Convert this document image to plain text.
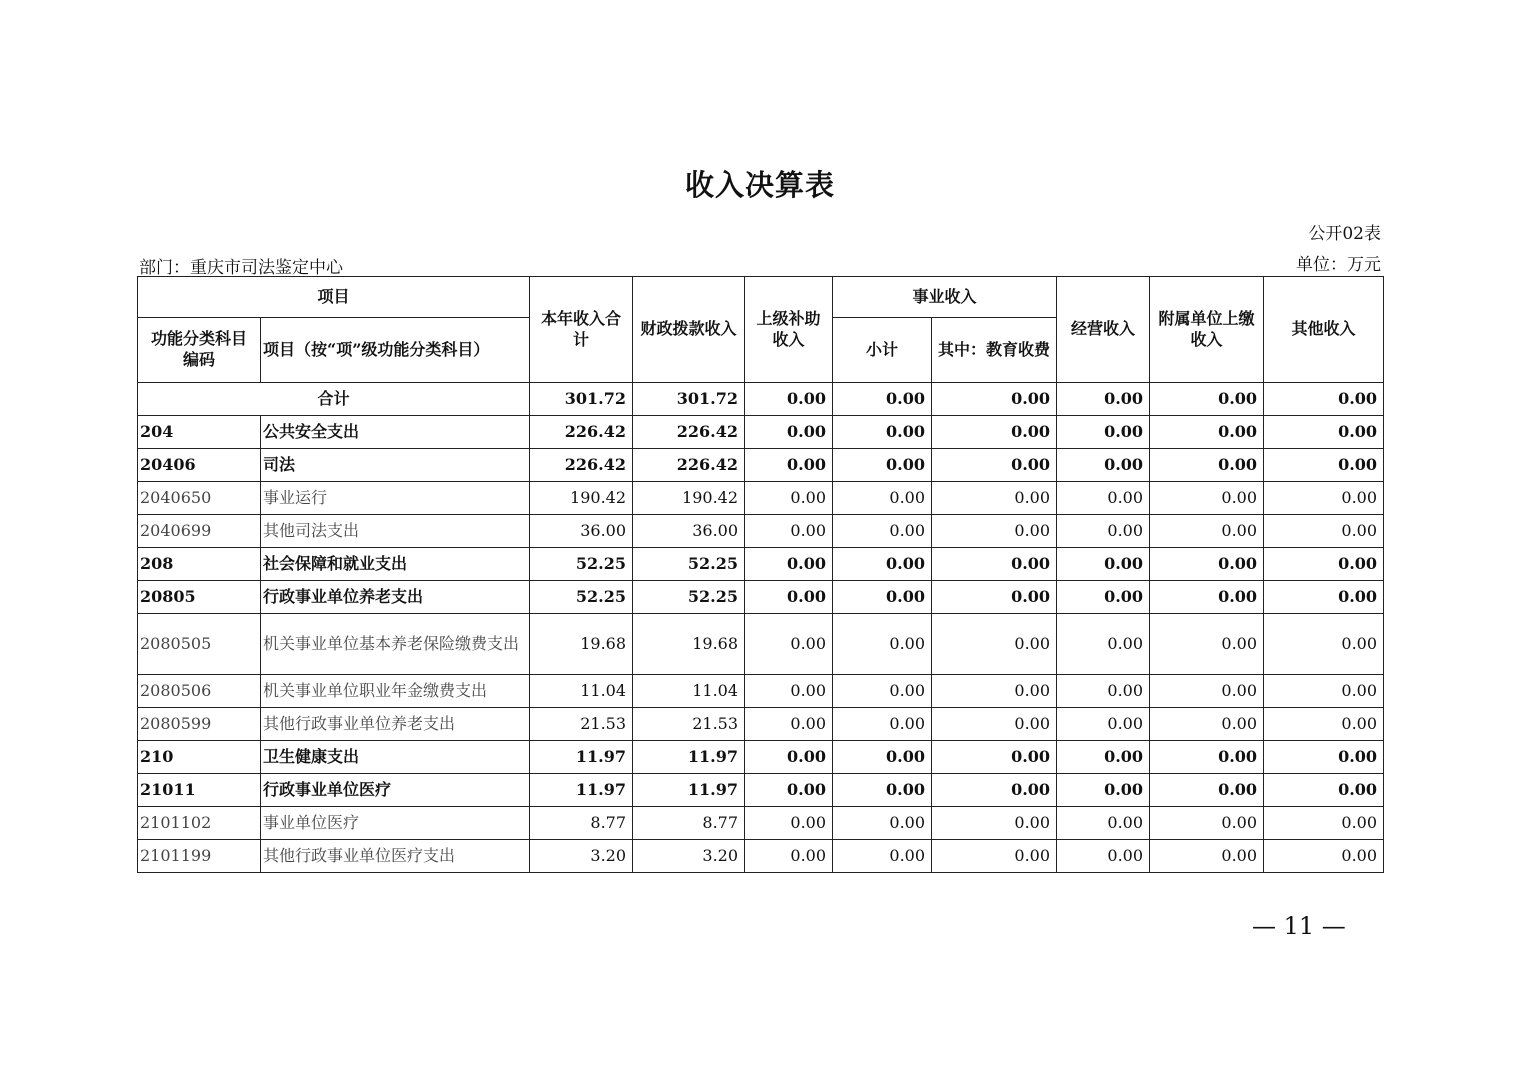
收入决算表
公开02表
部门：重庆市司法鉴定中心	单位：万元
项目		本年收入合计	财政拨款收入	上级补助收入	事业收入		经营收入	附属单位上缴收入	其他收入
功能分类科目编码	项目（按“项”级功能分类科目）				小计	其中：教育收费			
合计		301.72	301.72	0.00	0.00	0.00	0.00	0.00	0.00
204	公共安全支出	226.42	226.42	0.00	0.00	0.00	0.00	0.00	0.00
20406	司法	226.42	226.42	0.00	0.00	0.00	0.00	0.00	0.00
2040650	事业运行	190.42	190.42	0.00	0.00	0.00	0.00	0.00	0.00
2040699	其他司法支出	36.00	36.00	0.00	0.00	0.00	0.00	0.00	0.00
208	社会保障和就业支出	52.25	52.25	0.00	0.00	0.00	0.00	0.00	0.00
20805	行政事业单位养老支出	52.25	52.25	0.00	0.00	0.00	0.00	0.00	0.00
2080505	机关事业单位基本养老保险缴费支出	19.68	19.68	0.00	0.00	0.00	0.00	0.00	0.00
2080506	机关事业单位职业年金缴费支出	11.04	11.04	0.00	0.00	0.00	0.00	0.00	0.00
2080599	其他行政事业单位养老支出	21.53	21.53	0.00	0.00	0.00	0.00	0.00	0.00
210	卫生健康支出	11.97	11.97	0.00	0.00	0.00	0.00	0.00	0.00
21011	行政事业单位医疗	11.97	11.97	0.00	0.00	0.00	0.00	0.00	0.00
2101102	事业单位医疗	8.77	8.77	0.00	0.00	0.00	0.00	0.00	0.00
2101199	其他行政事业单位医疗支出	3.20	3.20	0.00	0.00	0.00	0.00	0.00	0.00
— 11 —
